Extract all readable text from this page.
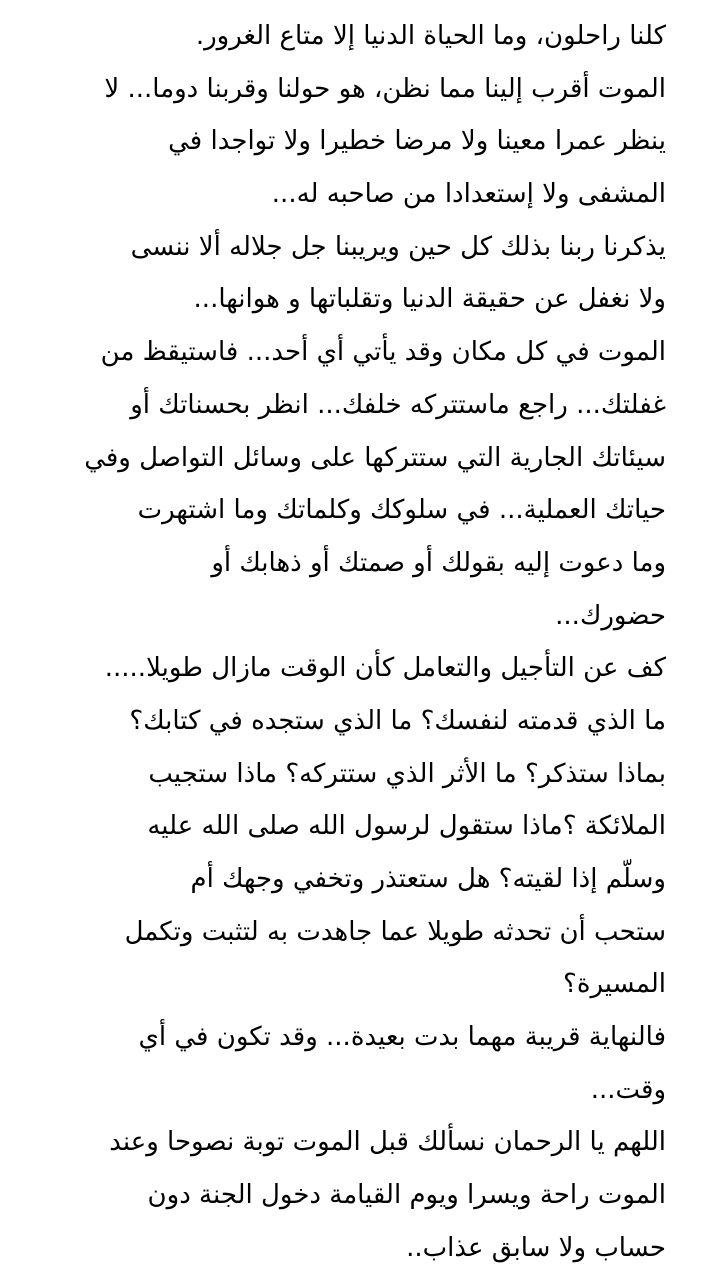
كلنا راحلون، وما الحياة الدنيا إلا متاع الغرور.
الموت أقرب إلينا مما نظن، هو حولنا وقربنا دوما... لا
ينظر عمرا معينا ولا مرضا خطيرا ولا تواجدا في
المشفى ولا إستعدادا من صاحبه له...
يذكرنا ربنا بذلك كل حين ويريبنا جل جلاله ألا ننسى
ولا نغفل عن حقيقة الدنيا وتقلباتها و هوانها...
الموت في كل مكان وقد يأتي أي أحد... فاستيقظ من
غفلتك... راجع ماستتركه خلفك... انظر بحسناتك أو
سيئاتك الجارية التي ستتركها على وسائل التواصل وفي
حياتك العملية... في سلوكك وكلماتك وما اشتهرت
وما دعوت إليه بقولك أو صمتك أو ذهابك أو
حضورك...
كف عن التأجيل والتعامل كأن الوقت مازال طويلا.....
ما الذي قدمته لنفسك؟ ما الذي ستجده في كتابك؟
بماذا ستذكر؟ ما الأثر الذي ستتركه؟ ماذا ستجيب
الملائكة ؟ماذا ستقول لرسول الله صلى الله عليه
وسلّم إذا لقيته؟ هل ستعتذر وتخفي وجهك أم
ستحب أن تحدثه طويلا عما جاهدت به لتثبت وتكمل
المسيرة؟
فالنهاية قريبة مهما بدت بعيدة... وقد تكون في أي
وقت...
اللهم يا الرحمان نسألك قبل الموت توبة نصوحا وعند
الموت راحة ويسرا ويوم القيامة دخول الجنة دون
حساب ولا سابق عذاب..
